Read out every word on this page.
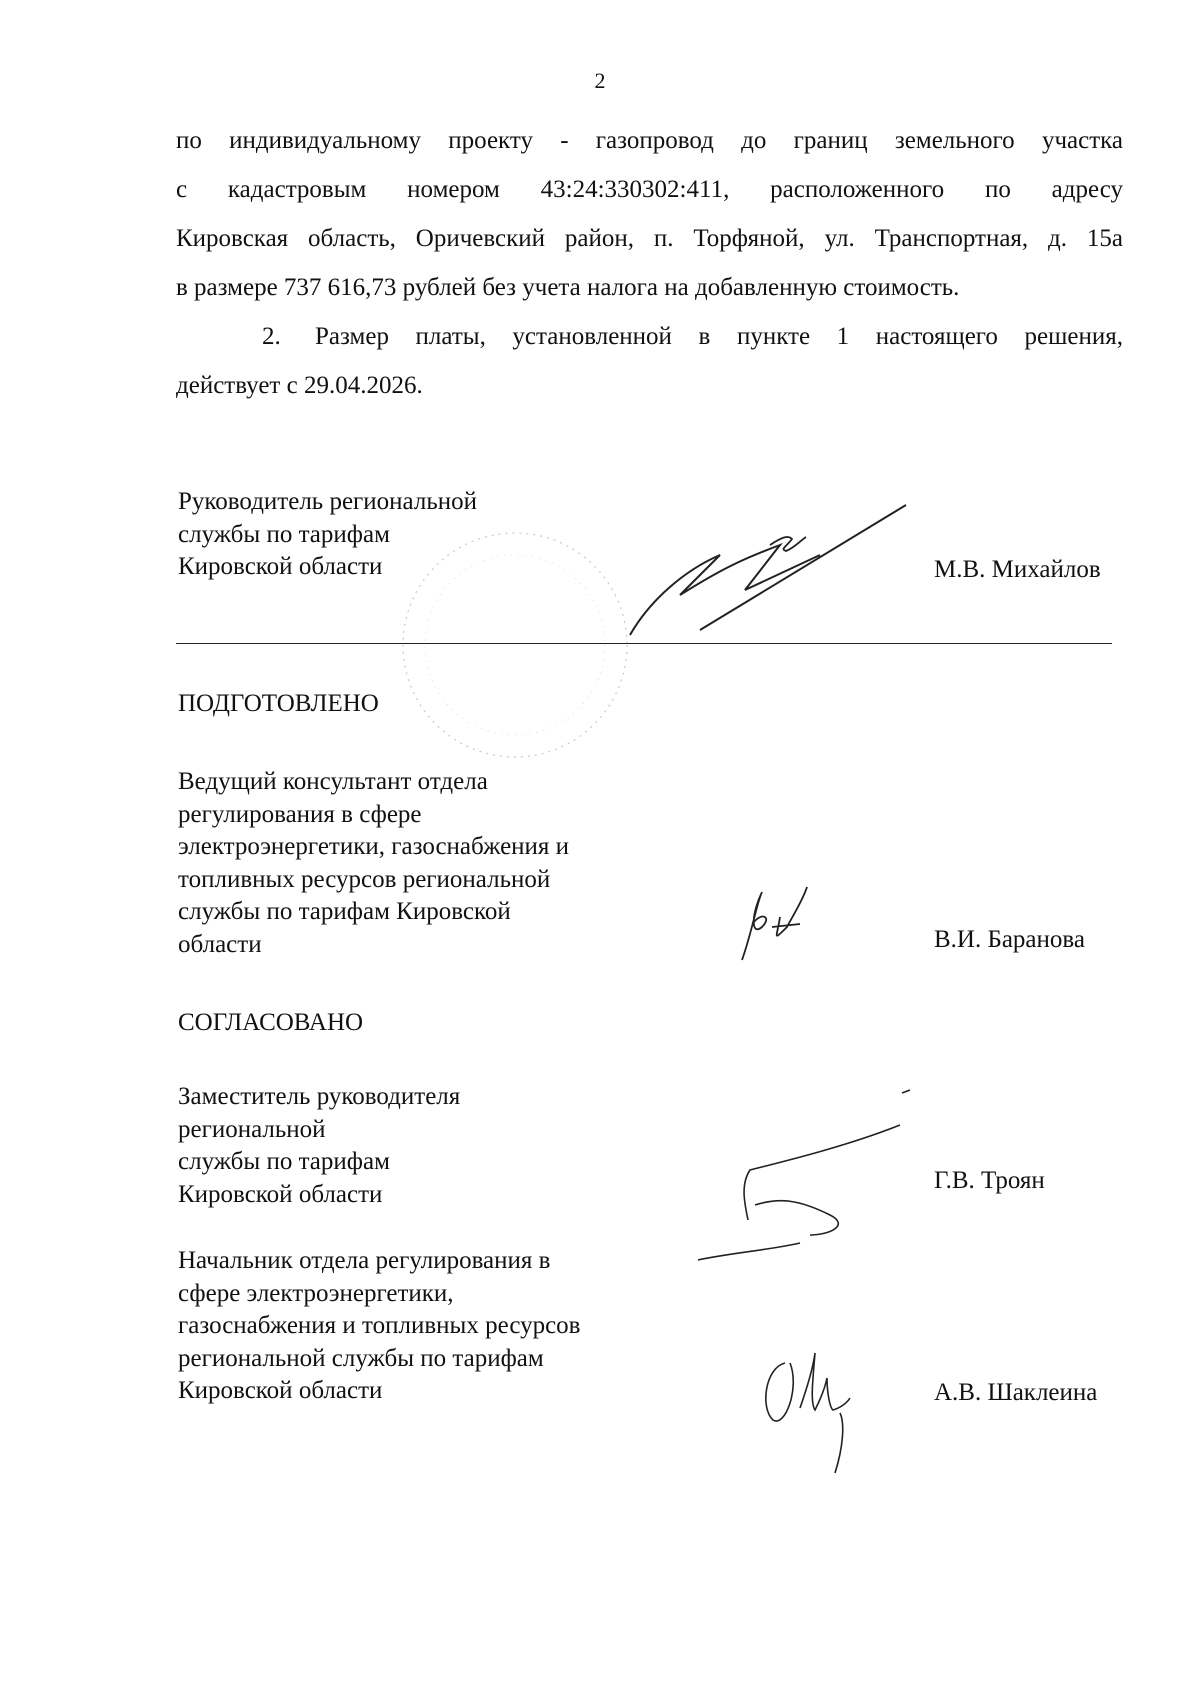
2
по индивидуальному проекту - газопровод до границ земельного участка
с кадастровым номером 43:24:330302:411, расположенного по адресу
Кировская область, Оричевский район, п. Торфяной, ул. Транспортная, д. 15а
в размере 737 616,73 рублей без учета налога на добавленную стоимость.
2. Размер платы, установленной в пункте 1 настоящего решения,
действует с 29.04.2026.
Руководитель региональной
службы по тарифам
Кировской области	М.В. Михайлов
ПОДГОТОВЛЕНО
Ведущий консультант отдела
регулирования в сфере
электроэнергетики, газоснабжения и
топливных ресурсов региональной
службы по тарифам Кировской
области	В.И. Баранова
СОГЛАСОВАНО
Заместитель руководителя
региональной
службы по тарифам
Кировской области	Г.В. Троян
Начальник отдела регулирования в
сфере электроэнергетики,
газоснабжения и топливных ресурсов
региональной службы по тарифам
Кировской области	А.В. Шаклеина
